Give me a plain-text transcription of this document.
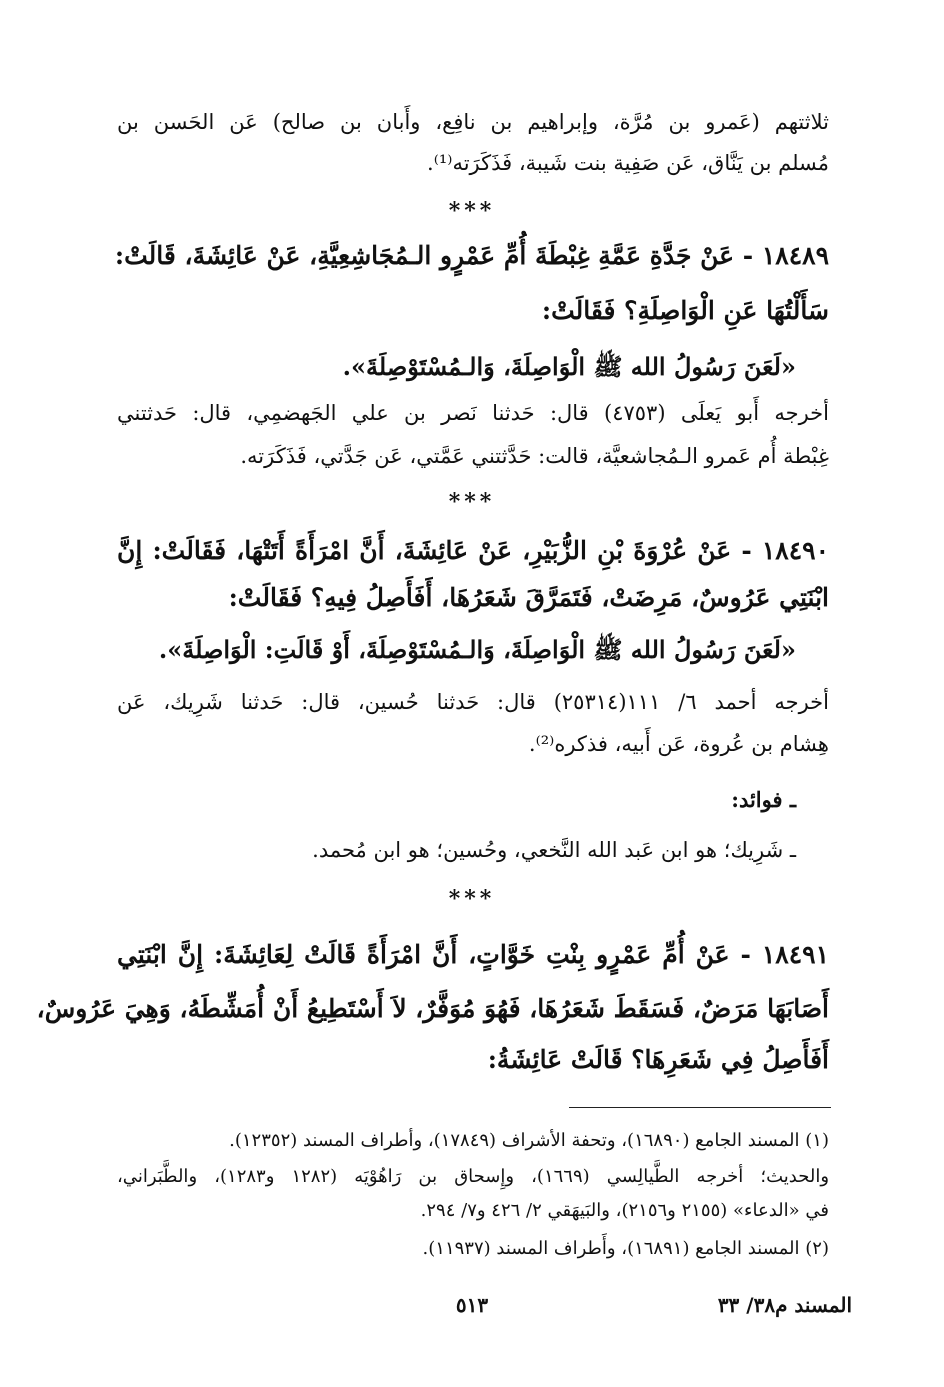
ثلاثتهم (عَمرو بن مُرَّة، وإبراهيم بن نافِع، وأَبان بن صالح) عَن الحَسن بن
مُسلم بن يَنَّاق، عَن صَفِية بنت شَيبة، فَذَكَرَته⁽¹⁾.
***
١٨٤٨٩ - عَنْ جَدَّةِ عَمَّةِ غِبْطَةَ أُمِّ عَمْرٍو الـمُجَاشِعِيَّةِ، عَنْ عَائِشَةَ، قَالَتْ:
سَأَلْتُهَا عَنِ الْوَاصِلَةِ؟ فَقَالَتْ:
«لَعَنَ رَسُولُ الله ﷺ الْوَاصِلَةَ، وَالـمُسْتَوْصِلَةَ».
أخرجه أَبو يَعلَى (٤٧٥٣) قال: حَدثنا نَصر بن علي الجَهضمِي، قال: حَدثتني
غِبْطة أُم عَمرو الـمُجاشعيَّة، قالت: حَدَّثتني عَمَّتي، عَن جَدَّتي، فَذَكَرَته.
***
١٨٤٩٠ - عَنْ عُرْوَةَ بْنِ الزُّبَيْرِ، عَنْ عَائِشَةَ، أَنَّ امْرَأَةً أَتَتْهَا، فَقَالَتْ: إِنَّ
ابْنَتِي عَرُوسٌ، مَرِضَتْ، فَتَمَرَّقَ شَعَرُهَا، أَفَأَصِلُ فِيهِ؟ فَقَالَتْ:
«لَعَنَ رَسُولُ الله ﷺ الْوَاصِلَةَ، وَالـمُسْتَوْصِلَةَ، أَوْ قَالَتِ: الْوَاصِلَةَ».
أخرجه أحمد ٦/ ١١١(٢٥٣١٤) قال: حَدثنا حُسين، قال: حَدثنا شَرِيك، عَن
هِشام بن عُروة، عَن أَبيه، فذكره⁽²⁾.
ـ فوائد:
ـ شَرِيك؛ هو ابن عَبد الله النَّخعي، وحُسين؛ هو ابن مُحمد.
***
١٨٤٩١ - عَنْ أُمِّ عَمْرٍو بِنْتِ خَوَّاتٍ، أَنَّ امْرَأَةً قَالَتْ لِعَائِشَةَ: إِنَّ ابْنَتِي
أَصَابَهَا مَرَضٌ، فَسَقَطَ شَعَرُهَا، فَهُوَ مُوَفَّرٌ، لاَ أَسْتَطِيعُ أَنْ أُمَشِّطَهُ، وَهِيَ عَرُوسٌ،
أَفَأَصِلُ فِي شَعَرِهَا؟ قَالَتْ عَائِشَةُ:
(١) المسند الجامع (١٦٨٩٠)، وتحفة الأشراف (١٧٨٤٩)، وأطراف المسند (١٢٣٥٢).
والحديث؛ أخرجه الطَّيالِسي (١٦٦٩)، وإِسحاق بن رَاهُوْيَه (١٢٨٢ و١٢٨٣)، والطَّبَراني،
في «الدعاء» (٢١٥٥ و٢١٥٦)، والبَيهَقي ٢/ ٤٢٦ و٧/ ٢٩٤.
(٢) المسند الجامع (١٦٨٩١)، وأَطراف المسند (١١٩٣٧).
المسند م٣٨/ ٣٣
٥١٣
